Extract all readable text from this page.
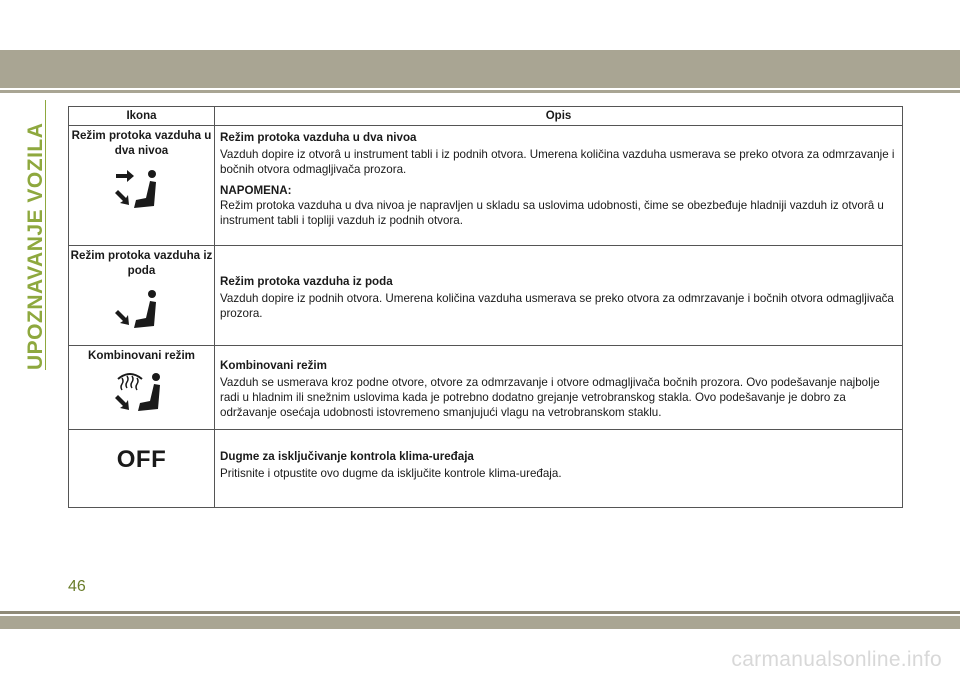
UPOZNAVANJE VOZILA
Ikona	Opis

Režim protoka vazduha u dva nivoa	Režim protoka vazduha u dva nivoa
Vazduh dopire iz otvorâ u instrument tabli i iz podnih otvora. Umerena količina vazduha usmerava se preko otvora za odmrzavanje i bočnih otvora odmagljivača prozora.
NAPOMENA:
Režim protoka vazduha u dva nivoa je napravljen u skladu sa uslovima udobnosti, čime se obezbeđuje hladniji vazduh iz otvorâ u instrument tabli i topliji vazduh iz podnih otvora.

Režim protoka vazduha iz poda	Režim protoka vazduha iz poda
Vazduh dopire iz podnih otvora. Umerena količina vazduha usmerava se preko otvora za odmrzavanje i bočnih otvora odmagljivača prozora.

Kombinovani režim	Kombinovani režim
Vazduh se usmerava kroz podne otvore, otvore za odmrzavanje i otvore odmagljivača bočnih prozora. Ovo podešavanje najbolje radi u hladnim ili snežnim uslovima kada je potrebno dodatno grejanje vetrobranskog stakla. Ovo podešavanje je dobro za održavanje osećaja udobnosti istovremeno smanjujući vlagu na vetrobranskom staklu.

OFF	Dugme za isključivanje kontrola klima-uređaja
Pritisnite i otpustite ovo dugme da isključite kontrole klima-uređaja.
46
carmanualsonline.info
